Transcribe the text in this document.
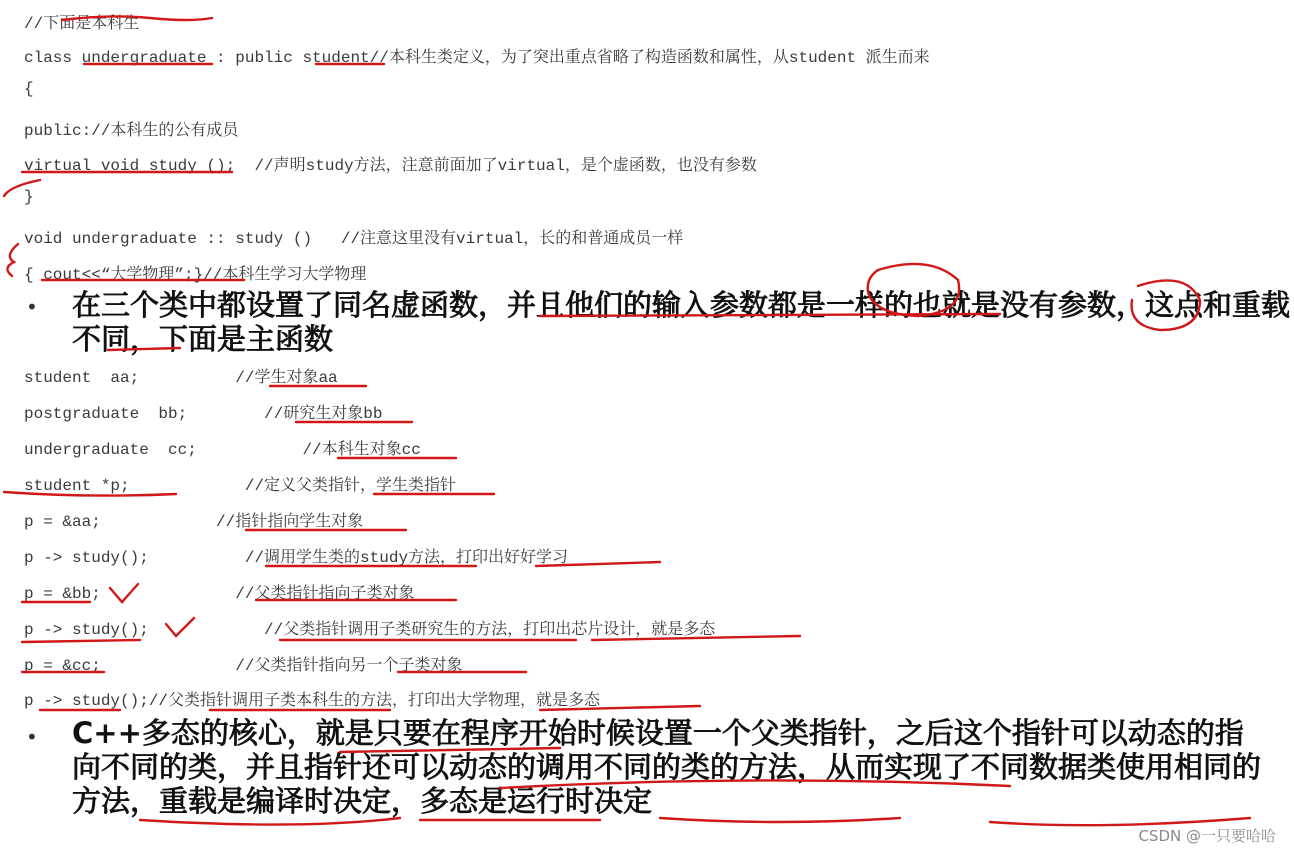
//下面是本科生
class undergraduate : public student//本科生类定义，为了突出重点省略了构造函数和属性，从student 派生而来
{
public://本科生的公有成员
virtual void study ();  //声明study方法，注意前面加了virtual，是个虚函数，也没有参数
}
void undergraduate :: study ()   //注意这里没有virtual，长的和普通成员一样
{ cout<<“大学物理”;}//本科生学习大学物理
• 在三个类中都设置了同名虚函数，并且他们的输入参数都是一样的也就是没有参数，这点和重载不同，下面是主函数
student  aa;          //学生对象aa
postgraduate  bb;        //研究生对象bb
undergraduate  cc;           //本科生对象cc
student *p;            //定义父类指针，学生类指针
p = &aa;            //指针指向学生对象
p -> study();          //调用学生类的study方法，打印出好好学习
p = &bb;              //父类指针指向子类对象
p -> study();            //父类指针调用子类研究生的方法，打印出芯片设计，就是多态
p = &cc;              //父类指针指向另一个子类对象
p -> study();//父类指针调用子类本科生的方法，打印出大学物理，就是多态
• C++多态的核心，就是只要在程序开始时候设置一个父类指针，之后这个指针可以动态的指向不同的类，并且指针还可以动态的调用不同的类的方法，从而实现了不同数据类使用相同的方法，重载是编译时决定，多态是运行时决定
CSDN @一只要哈哈
